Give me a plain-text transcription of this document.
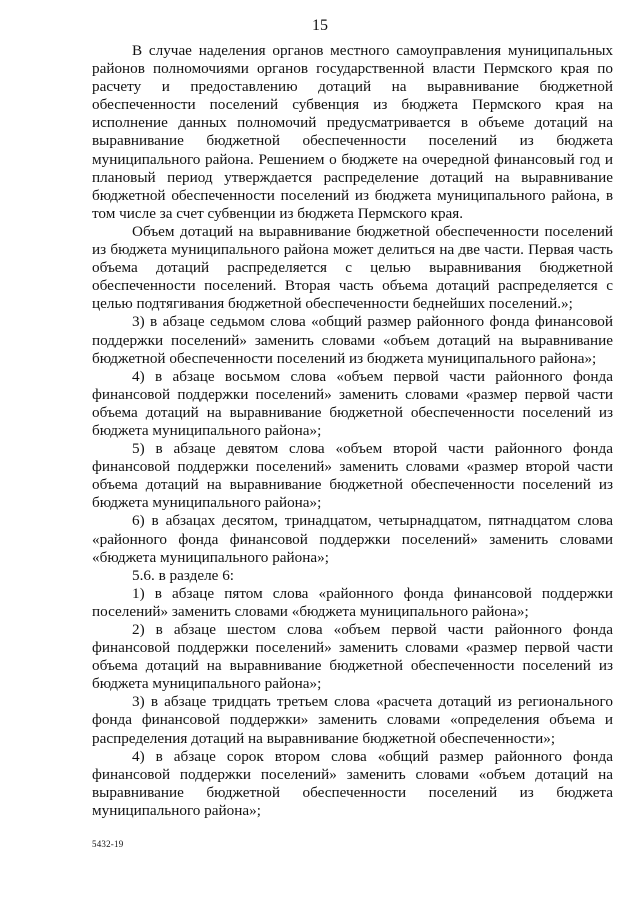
15

В случае наделения органов местного самоуправления муниципальных районов полномочиями органов государственной власти Пермского края по расчету и предоставлению дотаций на выравнивание бюджетной обеспеченности поселений субвенция из бюджета Пермского края на исполнение данных полномочий предусматривается в объеме дотаций на выравнивание бюджетной обеспеченности поселений из бюджета муниципального района. Решением о бюджете на очередной финансовый год и плановый период утверждается распределение дотаций на выравнивание бюджетной обеспеченности поселений из бюджета муниципального района, в том числе за счет субвенции из бюджета Пермского края.

Объем дотаций на выравнивание бюджетной обеспеченности поселений из бюджета муниципального района может делиться на две части. Первая часть объема дотаций распределяется с целью выравнивания бюджетной обеспеченности поселений. Вторая часть объема дотаций распределяется с целью подтягивания бюджетной обеспеченности беднейших поселений.»;

3) в абзаце седьмом слова «общий размер районного фонда финансовой поддержки поселений» заменить словами «объем дотаций на выравнивание бюджетной обеспеченности поселений из бюджета муниципального района»;

4) в абзаце восьмом слова «объем первой части районного фонда финансовой поддержки поселений» заменить словами «размер первой части объема дотаций на выравнивание бюджетной обеспеченности поселений из бюджета муниципального района»;

5) в абзаце девятом слова «объем второй части районного фонда финансовой поддержки поселений» заменить словами «размер второй части объема дотаций на выравнивание бюджетной обеспеченности поселений из бюджета муниципального района»;

6) в абзацах десятом, тринадцатом, четырнадцатом, пятнадцатом слова «районного фонда финансовой поддержки поселений» заменить словами «бюджета муниципального района»;

5.6. в разделе 6:

1) в абзаце пятом слова «районного фонда финансовой поддержки поселений» заменить словами «бюджета муниципального района»;

2) в абзаце шестом слова «объем первой части районного фонда финансовой поддержки поселений» заменить словами «размер первой части объема дотаций на выравнивание бюджетной обеспеченности поселений из бюджета муниципального района»;

3) в абзаце тридцать третьем слова «расчета дотаций из регионального фонда финансовой поддержки» заменить словами «определения объема и распределения дотаций на выравнивание бюджетной обеспеченности»;

4) в абзаце сорок втором слова «общий размер районного фонда финансовой поддержки поселений» заменить словами «объем дотаций на выравнивание бюджетной обеспеченности поселений из бюджета муниципального района»;

5432-19
